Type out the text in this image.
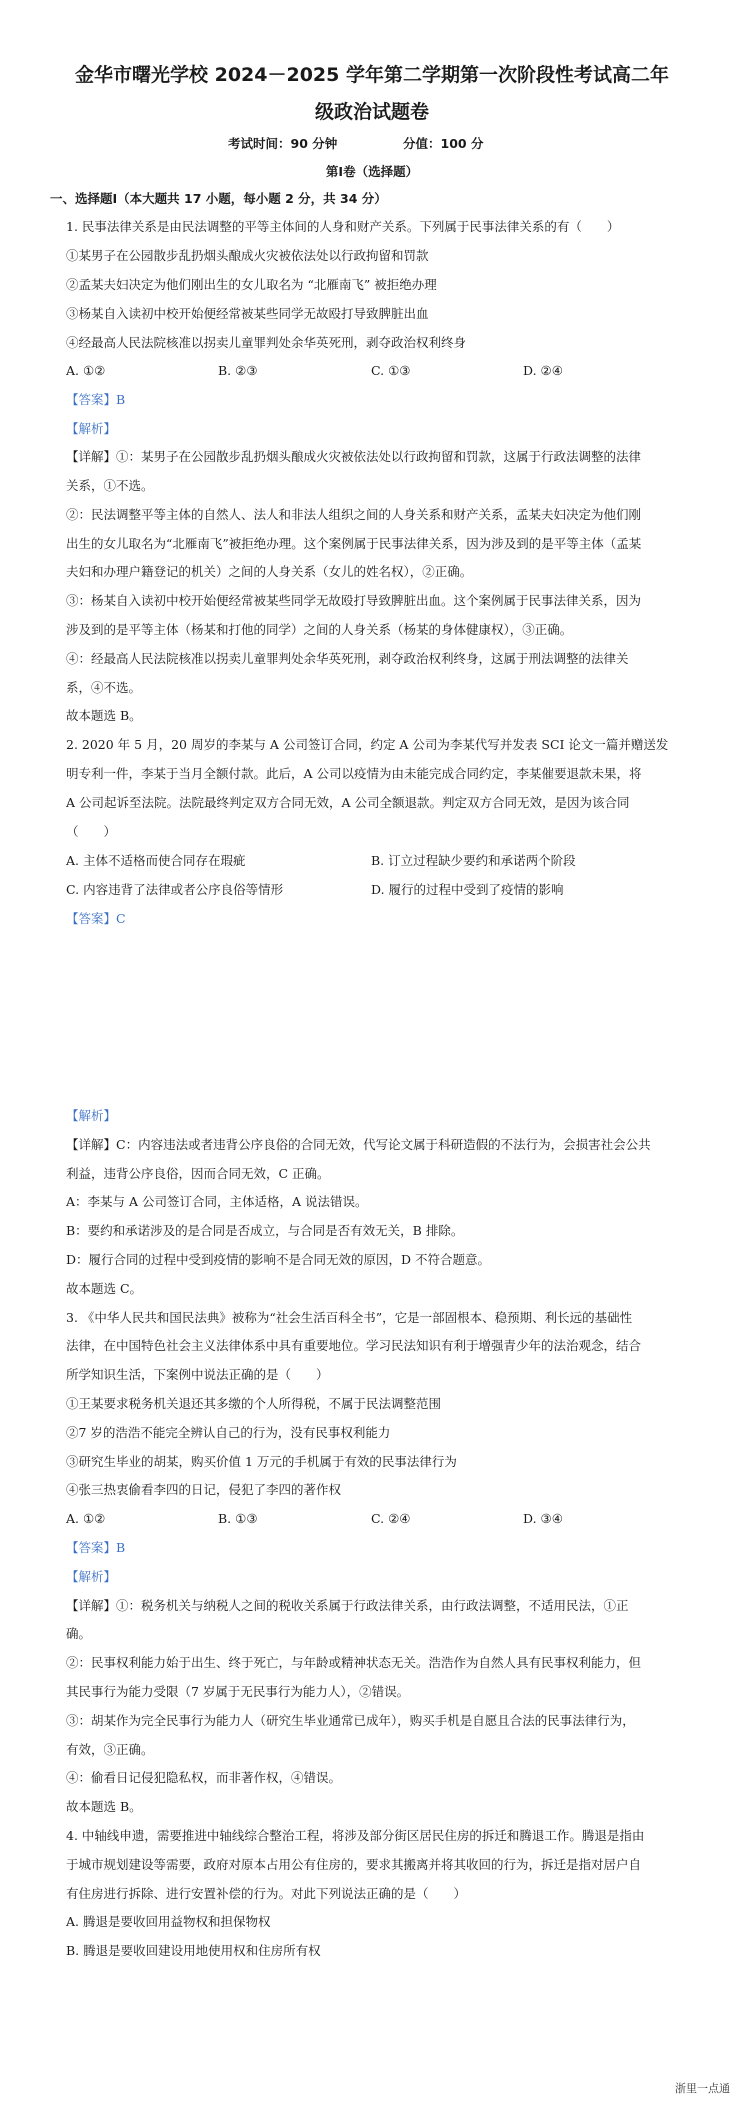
金华市曙光学校 2024－2025 学年第二学期第一次阶段性考试高二年
级政治试题卷
考试时间：90 分钟	分值：100 分
第Ⅰ卷（选择题）
一、选择题Ⅰ（本大题共 17 小题，每小题 2 分，共 34 分）
1. 民事法律关系是由民法调整的平等主体间的人身和财产关系。下列属于民事法律关系的有（　　）
①某男子在公园散步乱扔烟头酿成火灾被依法处以行政拘留和罚款
②孟某夫妇决定为他们刚出生的女儿取名为 “北雁南飞” 被拒绝办理
③杨某自入读初中校开始便经常被某些同学无故殴打导致脾脏出血
④经最高人民法院核准以拐卖儿童罪判处余华英死刑，剥夺政治权利终身
A. ①②	B. ②③	C. ①③	D. ②④
【答案】B
【解析】
【详解】①：某男子在公园散步乱扔烟头酿成火灾被依法处以行政拘留和罚款，这属于行政法调整的法律
关系，①不选。
②：民法调整平等主体的自然人、法人和非法人组织之间的人身关系和财产关系，孟某夫妇决定为他们刚
出生的女儿取名为“北雁南飞”被拒绝办理。这个案例属于民事法律关系，因为涉及到的是平等主体（孟某
夫妇和办理户籍登记的机关）之间的人身关系（女儿的姓名权），②正确。
③：杨某自入读初中校开始便经常被某些同学无故殴打导致脾脏出血。这个案例属于民事法律关系，因为
涉及到的是平等主体（杨某和打他的同学）之间的人身关系（杨某的身体健康权），③正确。
④：经最高人民法院核准以拐卖儿童罪判处余华英死刑，剥夺政治权利终身，这属于刑法调整的法律关
系，④不选。
故本题选 B。
2. 2020 年 5 月，20 周岁的李某与 A 公司签订合同，约定 A 公司为李某代写并发表 SCI 论文一篇并赠送发
明专利一件，李某于当月全额付款。此后，A 公司以疫情为由未能完成合同约定，李某催要退款未果，将
A 公司起诉至法院。法院最终判定双方合同无效，A 公司全额退款。判定双方合同无效，是因为该合同
（　　）
A. 主体不适格而使合同存在瑕疵	B. 订立过程缺少要约和承诺两个阶段
C. 内容违背了法律或者公序良俗等情形	D. 履行的过程中受到了疫情的影响
【答案】C
【解析】
【详解】C：内容违法或者违背公序良俗的合同无效，代写论文属于科研造假的不法行为，会损害社会公共
利益，违背公序良俗，因而合同无效，C 正确。
A：李某与 A 公司签订合同，主体适格，A 说法错误。
B：要约和承诺涉及的是合同是否成立，与合同是否有效无关，B 排除。
D：履行合同的过程中受到疫情的影响不是合同无效的原因，D 不符合题意。
故本题选 C。
3. 《中华人民共和国民法典》被称为“社会生活百科全书”，它是一部固根本、稳预期、利长远的基础性
法律，在中国特色社会主义法律体系中具有重要地位。学习民法知识有利于增强青少年的法治观念，结合
所学知识生活，下案例中说法正确的是（　　）
①王某要求税务机关退还其多缴的个人所得税，不属于民法调整范围
②7 岁的浩浩不能完全辨认自己的行为，没有民事权利能力
③研究生毕业的胡某，购买价值 1 万元的手机属于有效的民事法律行为
④张三热衷偷看李四的日记，侵犯了李四的著作权
A. ①②	B. ①③	C. ②④	D. ③④
【答案】B
【解析】
【详解】①：税务机关与纳税人之间的税收关系属于行政法律关系，由行政法调整，不适用民法，①正
确。
②：民事权利能力始于出生、终于死亡，与年龄或精神状态无关。浩浩作为自然人具有民事权利能力，但
其民事行为能力受限（7 岁属于无民事行为能力人），②错误。
③：胡某作为完全民事行为能力人（研究生毕业通常已成年），购买手机是自愿且合法的民事法律行为，
有效，③正确。
④：偷看日记侵犯隐私权，而非著作权，④错误。
故本题选 B。
4. 中轴线申遗，需要推进中轴线综合整治工程，将涉及部分街区居民住房的拆迁和腾退工作。腾退是指由
于城市规划建设等需要，政府对原本占用公有住房的，要求其搬离并将其收回的行为，拆迁是指对居户自
有住房进行拆除、进行安置补偿的行为。对此下列说法正确的是（　　）
A. 腾退是要收回用益物权和担保物权
B. 腾退是要收回建设用地使用权和住房所有权
浙里一点通
